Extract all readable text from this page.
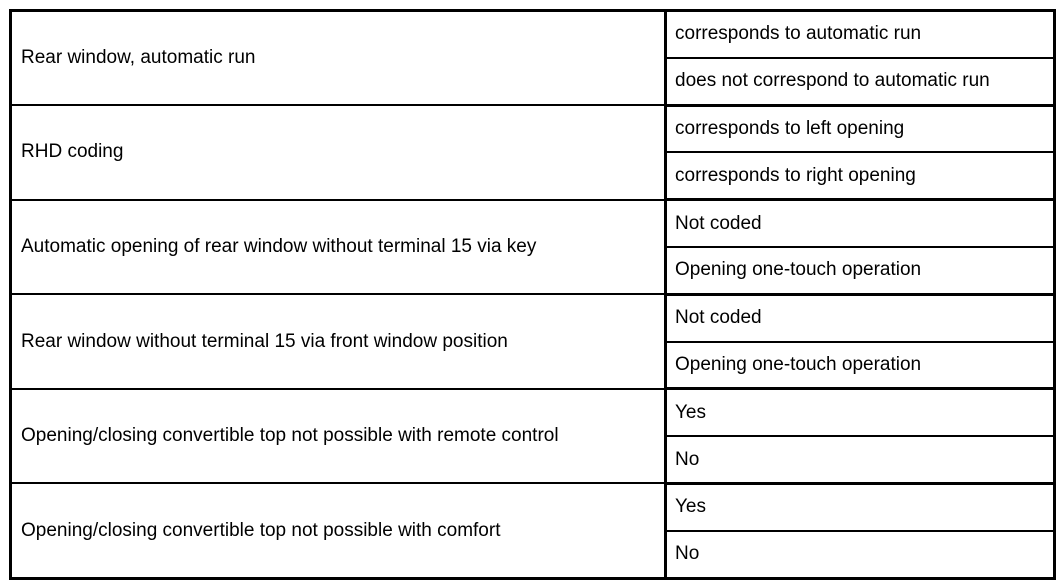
Rear window, automatic run	corresponds to automatic run
	does not correspond to automatic run
RHD coding	corresponds to left opening
	corresponds to right opening
Automatic opening of rear window without terminal 15 via key	Not coded
	Opening one-touch operation
Rear window without terminal 15 via front window position	Not coded
	Opening one-touch operation
Opening/closing convertible top not possible with remote control	Yes
	No
Opening/closing convertible top not possible with comfort	Yes
	No
